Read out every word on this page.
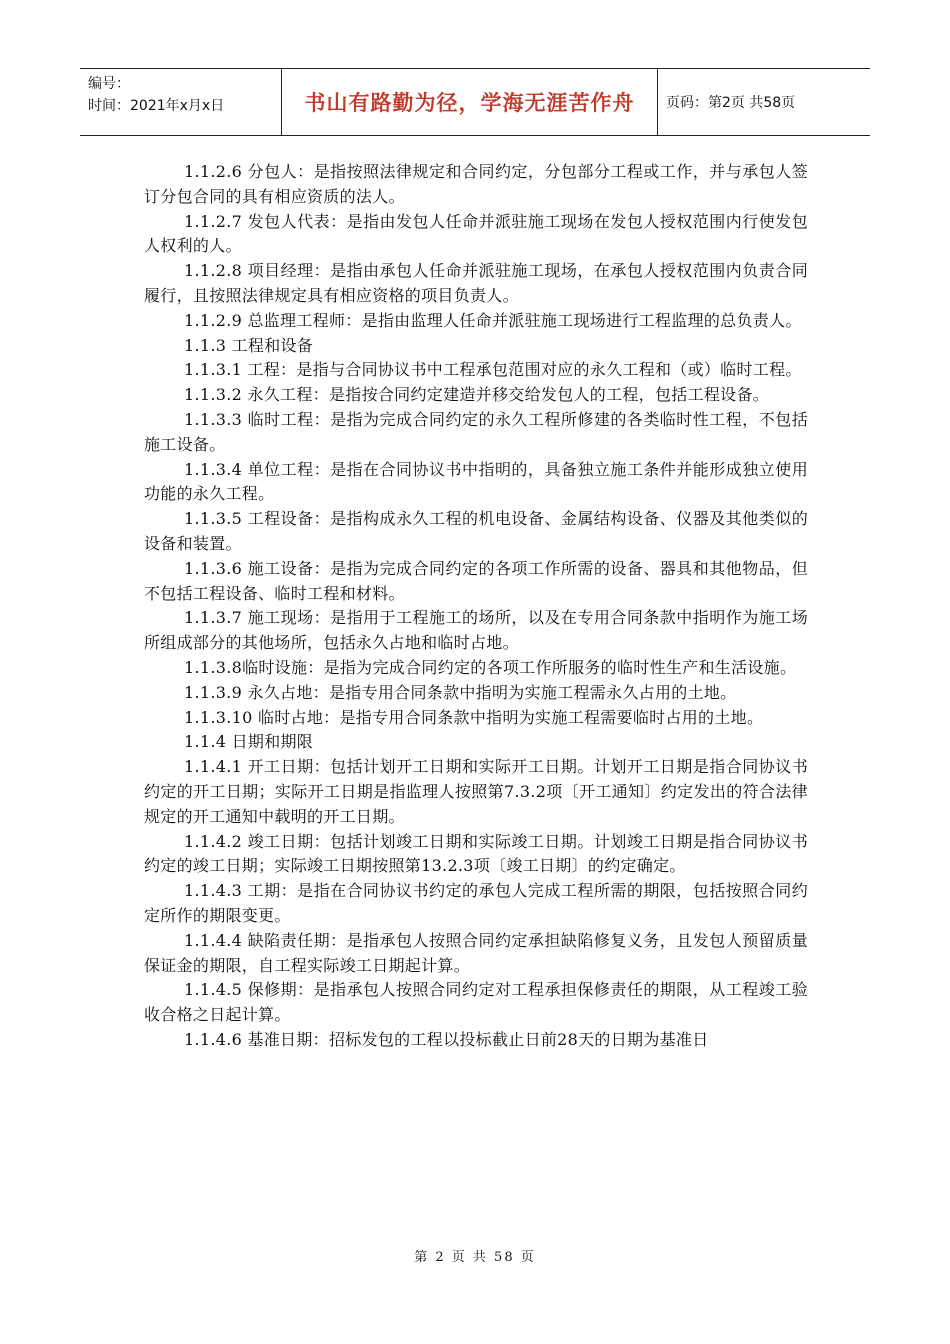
编号：
时间：2021年x月x日	书山有路勤为径，学海无涯苦作舟	页码：第2页 共58页

1.1.2.6 分包人：是指按照法律规定和合同约定，分包部分工程或工作，并与承包人签订分包合同的具有相应资质的法人。

1.1.2.7 发包人代表：是指由发包人任命并派驻施工现场在发包人授权范围内行使发包人权利的人。

1.1.2.8 项目经理：是指由承包人任命并派驻施工现场，在承包人授权范围内负责合同履行，且按照法律规定具有相应资格的项目负责人。

1.1.2.9 总监理工程师：是指由监理人任命并派驻施工现场进行工程监理的总负责人。

1.1.3 工程和设备

1.1.3.1 工程：是指与合同协议书中工程承包范围对应的永久工程和（或）临时工程。

1.1.3.2 永久工程：是指按合同约定建造并移交给发包人的工程，包括工程设备。

1.1.3.3 临时工程：是指为完成合同约定的永久工程所修建的各类临时性工程，不包括施工设备。

1.1.3.4 单位工程：是指在合同协议书中指明的，具备独立施工条件并能形成独立使用功能的永久工程。

1.1.3.5 工程设备：是指构成永久工程的机电设备、金属结构设备、仪器及其他类似的设备和装置。

1.1.3.6 施工设备：是指为完成合同约定的各项工作所需的设备、器具和其他物品，但不包括工程设备、临时工程和材料。

1.1.3.7 施工现场：是指用于工程施工的场所，以及在专用合同条款中指明作为施工场所组成部分的其他场所，包括永久占地和临时占地。

1.1.3.8临时设施：是指为完成合同约定的各项工作所服务的临时性生产和生活设施。

1.1.3.9 永久占地：是指专用合同条款中指明为实施工程需永久占用的土地。

1.1.3.10 临时占地：是指专用合同条款中指明为实施工程需要临时占用的土地。

1.1.4 日期和期限

1.1.4.1 开工日期：包括计划开工日期和实际开工日期。计划开工日期是指合同协议书约定的开工日期；实际开工日期是指监理人按照第7.3.2项〔开工通知〕约定发出的符合法律规定的开工通知中载明的开工日期。

1.1.4.2 竣工日期：包括计划竣工日期和实际竣工日期。计划竣工日期是指合同协议书约定的竣工日期；实际竣工日期按照第13.2.3项〔竣工日期〕的约定确定。

1.1.4.3 工期：是指在合同协议书约定的承包人完成工程所需的期限，包括按照合同约定所作的期限变更。

1.1.4.4 缺陷责任期：是指承包人按照合同约定承担缺陷修复义务，且发包人预留质量保证金的期限，自工程实际竣工日期起计算。

1.1.4.5 保修期：是指承包人按照合同约定对工程承担保修责任的期限，从工程竣工验收合格之日起计算。

1.1.4.6 基准日期：招标发包的工程以投标截止日前28天的日期为基准日

第 2 页 共 58 页
